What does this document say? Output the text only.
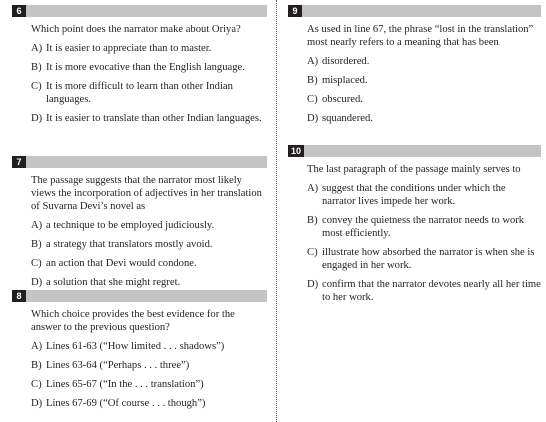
6
Which point does the narrator make about Oriya?
A) It is easier to appreciate than to master.
B) It is more evocative than the English language.
C) It is more difficult to learn than other Indian languages.
D) It is easier to translate than other Indian languages.
7
The passage suggests that the narrator most likely views the incorporation of adjectives in her translation of Suvarna Devi’s novel as
A) a technique to be employed judiciously.
B) a strategy that translators mostly avoid.
C) an action that Devi would condone.
D) a solution that she might regret.
8
Which choice provides the best evidence for the answer to the previous question?
A) Lines 61-63 (“How limited . . . shadows”)
B) Lines 63-64 (“Perhaps . . . three”)
C) Lines 65-67 (“In the . . . translation”)
D) Lines 67-69 (“Of course . . . though”)
9
As used in line 67, the phrase “lost in the translation” most nearly refers to a meaning that has been
A) disordered.
B) misplaced.
C) obscured.
D) squandered.
10
The last paragraph of the passage mainly serves to
A) suggest that the conditions under which the narrator lives impede her work.
B) convey the quietness the narrator needs to work most efficiently.
C) illustrate how absorbed the narrator is when she is engaged in her work.
D) confirm that the narrator devotes nearly all her time to her work.
